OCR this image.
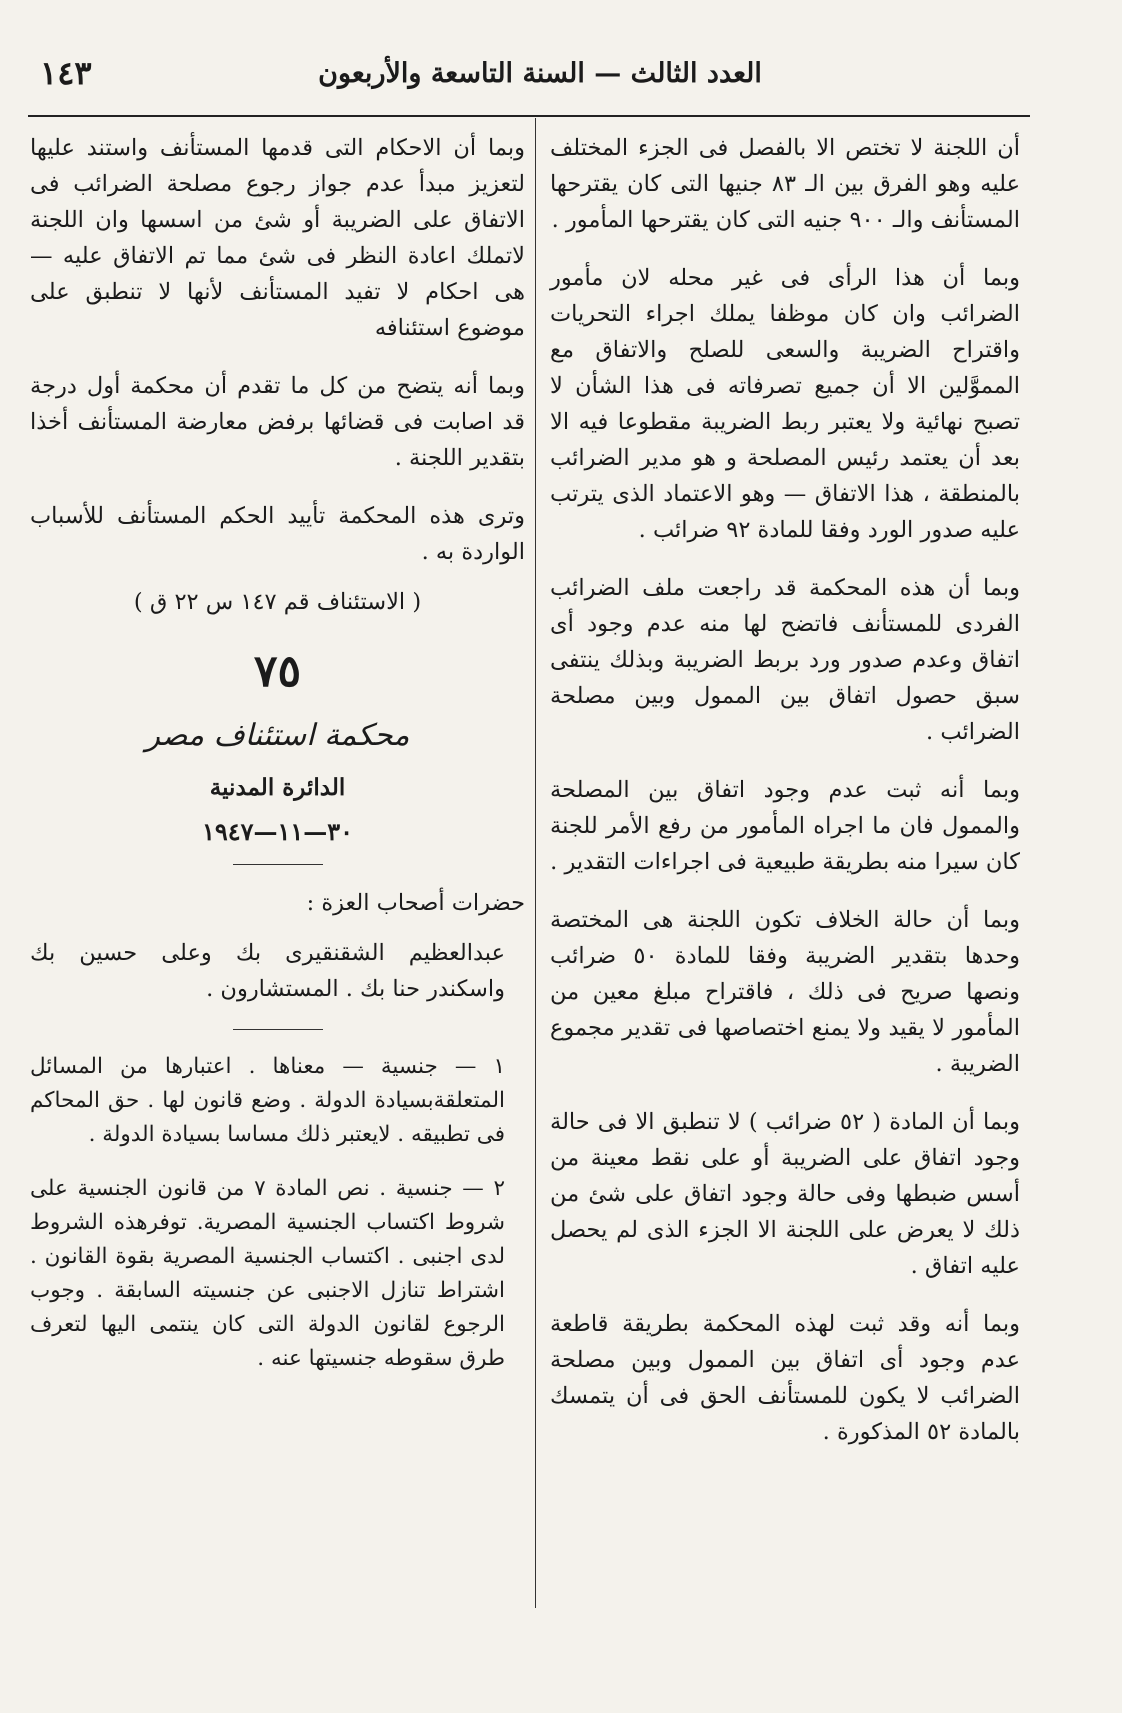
العدد الثالث — السنة التاسعة والأربعون
١٤٣

أن اللجنة لا تختص الا بالفصل فى الجزء المختلف عليه وهو الفرق بين الـ ٨٣ جنيها التى كان يقترحها المستأنف والـ ٩٠٠ جنيه التى كان يقترحها المأمور .

وبما أن هذا الرأى فى غير محله لان مأمور الضرائب وان كان موظفا يملك اجراء التحريات واقتراح الضريبة والسعى للصلح والاتفاق مع المموَّلين الا أن جميع تصرفاته فى هذا الشأن لا تصبح نهائية ولا يعتبر ربط الضريبة مقطوعا فيه الا بعد أن يعتمد رئيس المصلحة و هو مدير الضرائب بالمنطقة ، هذا الاتفاق — وهو الاعتماد الذى يترتب عليه صدور الورد وفقا للمادة ٩٢ ضرائب .

وبما أن هذه المحكمة قد راجعت ملف الضرائب الفردى للمستأنف فاتضح لها منه عدم وجود أى اتفاق وعدم صدور ورد بربط الضريبة وبذلك ينتفى سبق حصول اتفاق بين الممول وبين مصلحة الضرائب .

وبما أنه ثبت عدم وجود اتفاق بين المصلحة والممول فان ما اجراه المأمور من رفع الأمر للجنة كان سيرا منه بطريقة طبيعية فى اجراءات التقدير .

وبما أن حالة الخلاف تكون اللجنة هى المختصة وحدها بتقدير الضريبة وفقا للمادة ٥٠ ضرائب ونصها صريح فى ذلك ، فاقتراح مبلغ معين من المأمور لا يقيد ولا يمنع اختصاصها فى تقدير مجموع الضريبة .

وبما أن المادة ( ٥٢ ضرائب ) لا تنطبق الا فى حالة وجود اتفاق على الضريبة أو على نقط معينة من أسس ضبطها وفى حالة وجود اتفاق على شئ من ذلك لا يعرض على اللجنة الا الجزء الذى لم يحصل عليه اتفاق .

وبما أنه وقد ثبت لهذه المحكمة بطريقة قاطعة عدم وجود أى اتفاق بين الممول وبين مصلحة الضرائب لا يكون للمستأنف الحق فى أن يتمسك بالمادة ٥٢ المذكورة .

وبما أن الاحكام التى قدمها المستأنف واستند عليها لتعزيز مبدأ عدم جواز رجوع مصلحة الضرائب فى الاتفاق على الضريبة أو شئ من اسسها وان اللجنة لاتملك اعادة النظر فى شئ مما تم الاتفاق عليه — هى احكام لا تفيد المستأنف لأنها لا تنطبق على موضوع استئنافه

وبما أنه يتضح من كل ما تقدم أن محكمة أول درجة قد اصابت فى قضائها برفض معارضة المستأنف أخذا بتقدير اللجنة .

وترى هذه المحكمة تأييد الحكم المستأنف للأسباب الواردة به .

( الاستئناف قم ١٤٧ س ٢٢ ق )
٧٥
محكمة استئناف مصر
الدائرة المدنية
٣٠—١١—١٩٤٧

حضرات أصحاب العزة :

عبدالعظيم الشقنقيرى بك وعلى حسين بك واسكندر حنا بك . المستشارون .

١ — جنسية — معناها . اعتبارها من المسائل المتعلقةبسيادة الدولة . وضع قانون لها . حق المحاكم فى تطبيقه . لايعتبر ذلك مساسا بسيادة الدولة .

٢ — جنسية . نص المادة ٧ من قانون الجنسية على شروط اكتساب الجنسية المصرية. توفرهذه الشروط لدى اجنبى . اكتساب الجنسية المصرية بقوة القانون . اشتراط تنازل الاجنبى عن جنسيته السابقة . وجوب الرجوع لقانون الدولة التى كان ينتمى اليها لتعرف طرق سقوطه جنسيتها عنه .
